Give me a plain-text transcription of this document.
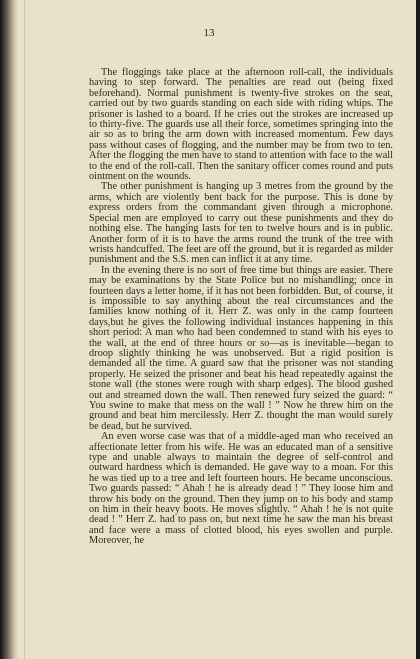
13

The floggings take place at the afternoon roll-call, the individuals having to step forward. The penalties are read out (being fixed beforehand). Normal punishment is twenty-five strokes on the seat, carried out by two guards standing on each side with riding whips. The prisoner is lashed to a board. If he cries out the strokes are increased up to thirty-five. The guards use all their force, sometimes springing into the air so as to bring the arm down with increased momentum. Few days pass without cases of flogging, and the number may be from two to ten. After the flogging the men have to stand to attention with face to the wall to the end of the roll-call. Then the sanitary officer comes round and puts ointment on the wounds.

The other punishment is hanging up 3 metres from the ground by the arms, which are violently bent back for the purpose. This is done by express orders from the commandant given through a microphone. Special men are employed to carry out these punishments and they do nothing else. The hanging lasts for ten to twelve hours and is in public. Another form of it is to have the arms round the trunk of the tree with wrists handcuffed. The feet are off the ground, but it is regarded as milder punishment and the S.S. men can inflict it at any time.

In the evening there is no sort of free time but things are easier. There may be examinations by the State Police but no mishandling; once in fourteen days a letter home, if it has not been forbidden. But, of course, it is impossible to say anything about the real circumstances and the families know nothing of it. Herr Z. was only in the camp fourteen days,but he gives the following individual instances happening in this short period: A man who had been condemned to stand with his eyes to the wall, at the end of three hours or so—as is inevitable—began to droop slightly thinking he was unobserved. But a rigid position is demanded all the time. A guard saw that the prisoner was not standing properly. He seized the prisoner and beat his head repeatedly against the stone wall (the stones were rough with sharp edges). The blood gushed out and streamed down the wall. Then renewed fury seized the guard: “ You swine to make that mess on the wall ! ” Now he threw him on the ground and beat him mercilessly. Herr Z. thought the man would surely be dead, but he survived.

An even worse case was that of a middle-aged man who received an affectionate letter from his wife. He was an educated man of a sensitive type and unable always to maintain the degree of self-control and outward hardness which is demanded. He gave way to a moan. For this he was tied up to a tree and left fourteen hours. He became unconscious. Two guards passed: “ Ahah ! he is already dead ! ” They loose him and throw his body on the ground. Then they jump on to his body and stamp on him in their heavy boots. He moves slightly. “ Ahah ! he is not quite dead ! ” Herr Z. had to pass on, but next time he saw the man his breast and face were a mass of clotted blood, his eyes swollen and purple. Moreover, he
